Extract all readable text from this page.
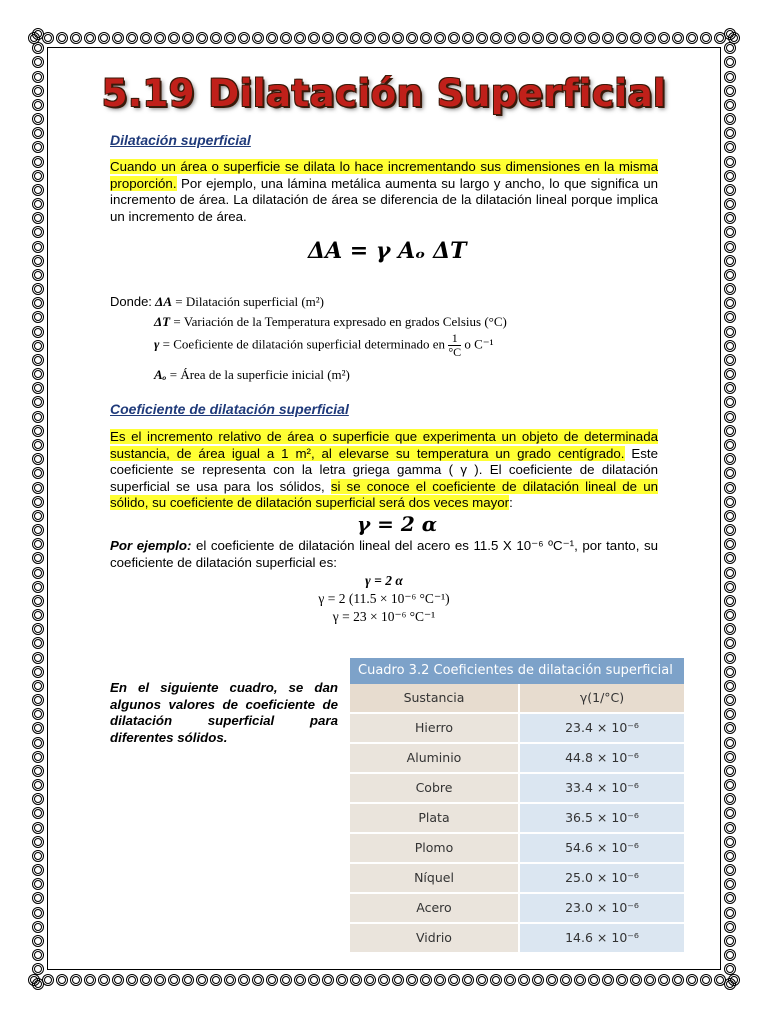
5.19 Dilatación Superficial
Dilatación superficial
Cuando un área o superficie se dilata lo hace incrementando sus dimensiones en la misma proporción. Por ejemplo, una lámina metálica aumenta su largo y ancho, lo que significa un incremento de área. La dilatación de área se diferencia de la dilatación lineal porque implica un incremento de área.
ΔA = γ Aₒ ΔT
Donde: ΔA = Dilatación superficial (m²)
ΔT = Variación de la Temperatura expresado en grados Celsius (°C)
γ = Coeficiente de dilatación superficial determinado en $\frac{1}{^\circ C}$ o C⁻¹
Aₒ = Área de la superficie inicial (m²)
Coeficiente de dilatación superficial
Es el incremento relativo de área o superficie que experimenta un objeto de determinada sustancia, de área igual a 1 m², al elevarse su temperatura un grado centígrado. Este coeficiente se representa con la letra griega gamma ( γ ). El coeficiente de dilatación superficial se usa para los sólidos, si se conoce el coeficiente de dilatación lineal de un sólido, su coeficiente de dilatación superficial será dos veces mayor:
γ = 2 α
Por ejemplo: el coeficiente de dilatación lineal del acero es 11.5 X 10⁻⁶ ºC⁻¹, por tanto, su coeficiente de dilatación superficial es:
γ = 2 α
γ = 2 (11.5 × 10⁻⁶ °C⁻¹)
γ = 23 × 10⁻⁶ °C⁻¹
En el siguiente cuadro, se dan algunos valores de coeficiente de dilatación superficial para diferentes sólidos.
Cuadro 3.2 Coeficientes de dilatación superficial
Sustancia	γ(1/°C)
Hierro	23.4 × 10⁻⁶
Aluminio	44.8 × 10⁻⁶
Cobre	33.4 × 10⁻⁶
Plata	36.5 × 10⁻⁶
Plomo	54.6 × 10⁻⁶
Níquel	25.0 × 10⁻⁶
Acero	23.0 × 10⁻⁶
Vidrio	14.6 × 10⁻⁶
